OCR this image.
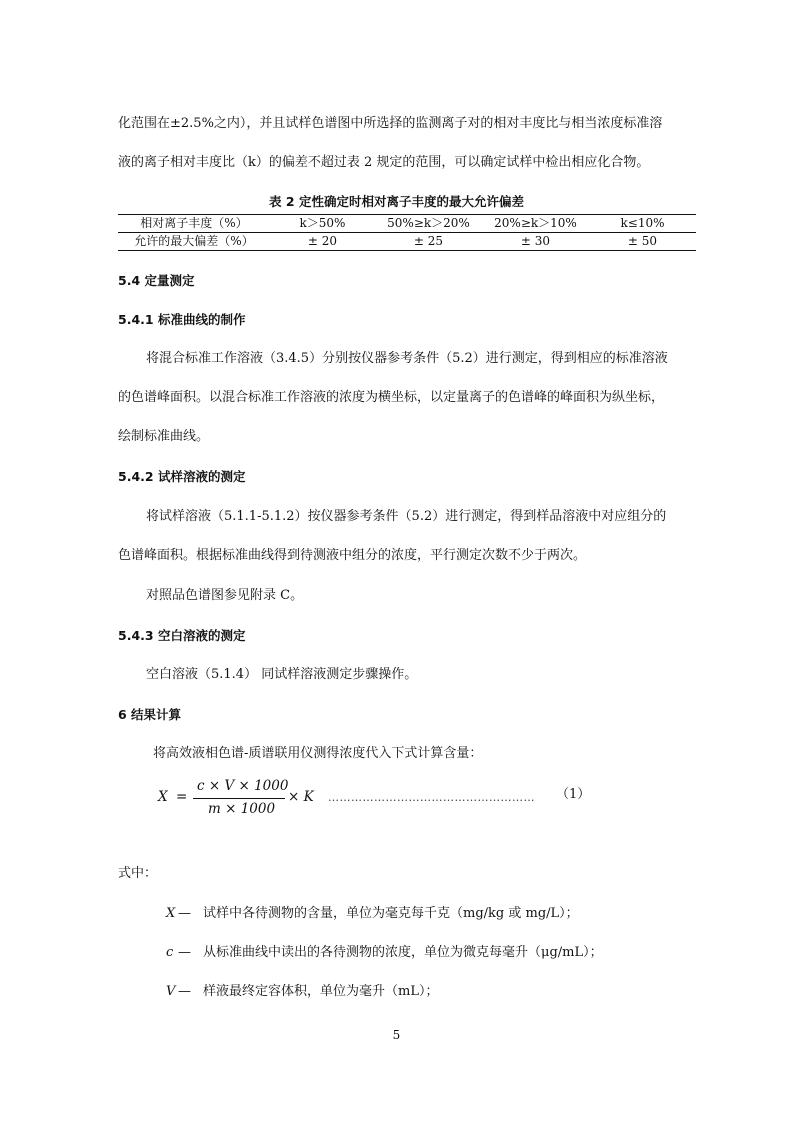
化范围在±2.5%之内），并且试样色谱图中所选择的监测离子对的相对丰度比与相当浓度标准溶
液的离子相对丰度比（k）的偏差不超过表 2 规定的范围，可以确定试样中检出相应化合物。
表 2 定性确定时相对离子丰度的最大允许偏差
相对离子丰度（%）	k＞50%	50%≥k＞20%	20%≥k＞10%	k≤10%
允许的最大偏差（%）	± 20	± 25	± 30	± 50
5.4 定量测定
5.4.1 标准曲线的制作
将混合标准工作溶液（3.4.5）分别按仪器参考条件（5.2）进行测定，得到相应的标准溶液
的色谱峰面积。以混合标准工作溶液的浓度为横坐标，以定量离子的色谱峰的峰面积为纵坐标，
绘制标准曲线。
5.4.2 试样溶液的测定
将试样溶液（5.1.1-5.1.2）按仪器参考条件（5.2）进行测定，得到样品溶液中对应组分的
色谱峰面积。根据标准曲线得到待测液中组分的浓度，平行测定次数不少于两次。
对照品色谱图参见附录 C。
5.4.3 空白溶液的测定
空白溶液（5.1.4） 同试样溶液测定步骤操作。
6 结果计算
将高效液相色谱-质谱联用仪测得浓度代入下式计算含量：
X =
c × V × 1000
m × 1000
× K ……………………………………………… （1）
式中：
X — 试样中各待测物的含量，单位为毫克每千克（mg/kg 或 mg/L）；
c — 从标准曲线中读出的各待测物的浓度，单位为微克每毫升（μg/mL）；
V — 样液最终定容体积，单位为毫升（mL）；
5
